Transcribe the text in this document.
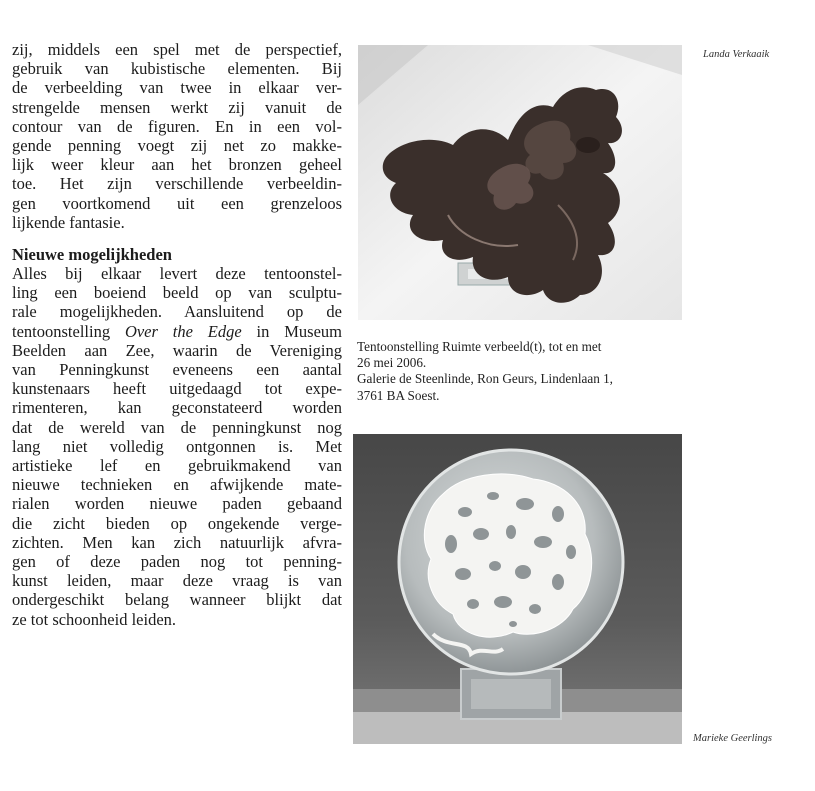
zij, middels een spel met de perspectief,
gebruik van kubistische elementen. Bij
de verbeelding van twee in elkaar ver-
strengelde mensen werkt zij vanuit de
contour van de figuren. En in een vol-
gende penning voegt zij net zo makke-
lijk weer kleur aan het bronzen geheel
toe. Het zijn verschillende verbeeldin-
gen voortkomend uit een grenzeloos
lijkende fantasie.
Nieuwe mogelijkheden
Alles bij elkaar levert deze tentoonstel-
ling een boeiend beeld op van sculptu-
rale mogelijkheden. Aansluitend op de
tentoonstelling Over the Edge in Museum
Beelden aan Zee, waarin de Vereniging
van Penningkunst eveneens een aantal
kunstenaars heeft uitgedaagd tot expe-
rimenteren, kan geconstateerd worden
dat de wereld van de penningkunst nog
lang niet volledig ontgonnen is. Met
artistieke lef en gebruikmakend van
nieuwe technieken en afwijkende mate-
rialen worden nieuwe paden gebaand
die zicht bieden op ongekende verge-
zichten. Men kan zich natuurlijk afvra-
gen of deze paden nog tot penning-
kunst leiden, maar deze vraag is van
ondergeschikt belang wanneer blijkt dat
ze tot schoonheid leiden.
Landa Verkaaik
Tentoonstelling Ruimte verbeeld(t), tot en met
26 mei 2006.
Galerie de Steenlinde, Ron Geurs, Lindenlaan 1,
3761 BA Soest.
Marieke Geerlings
